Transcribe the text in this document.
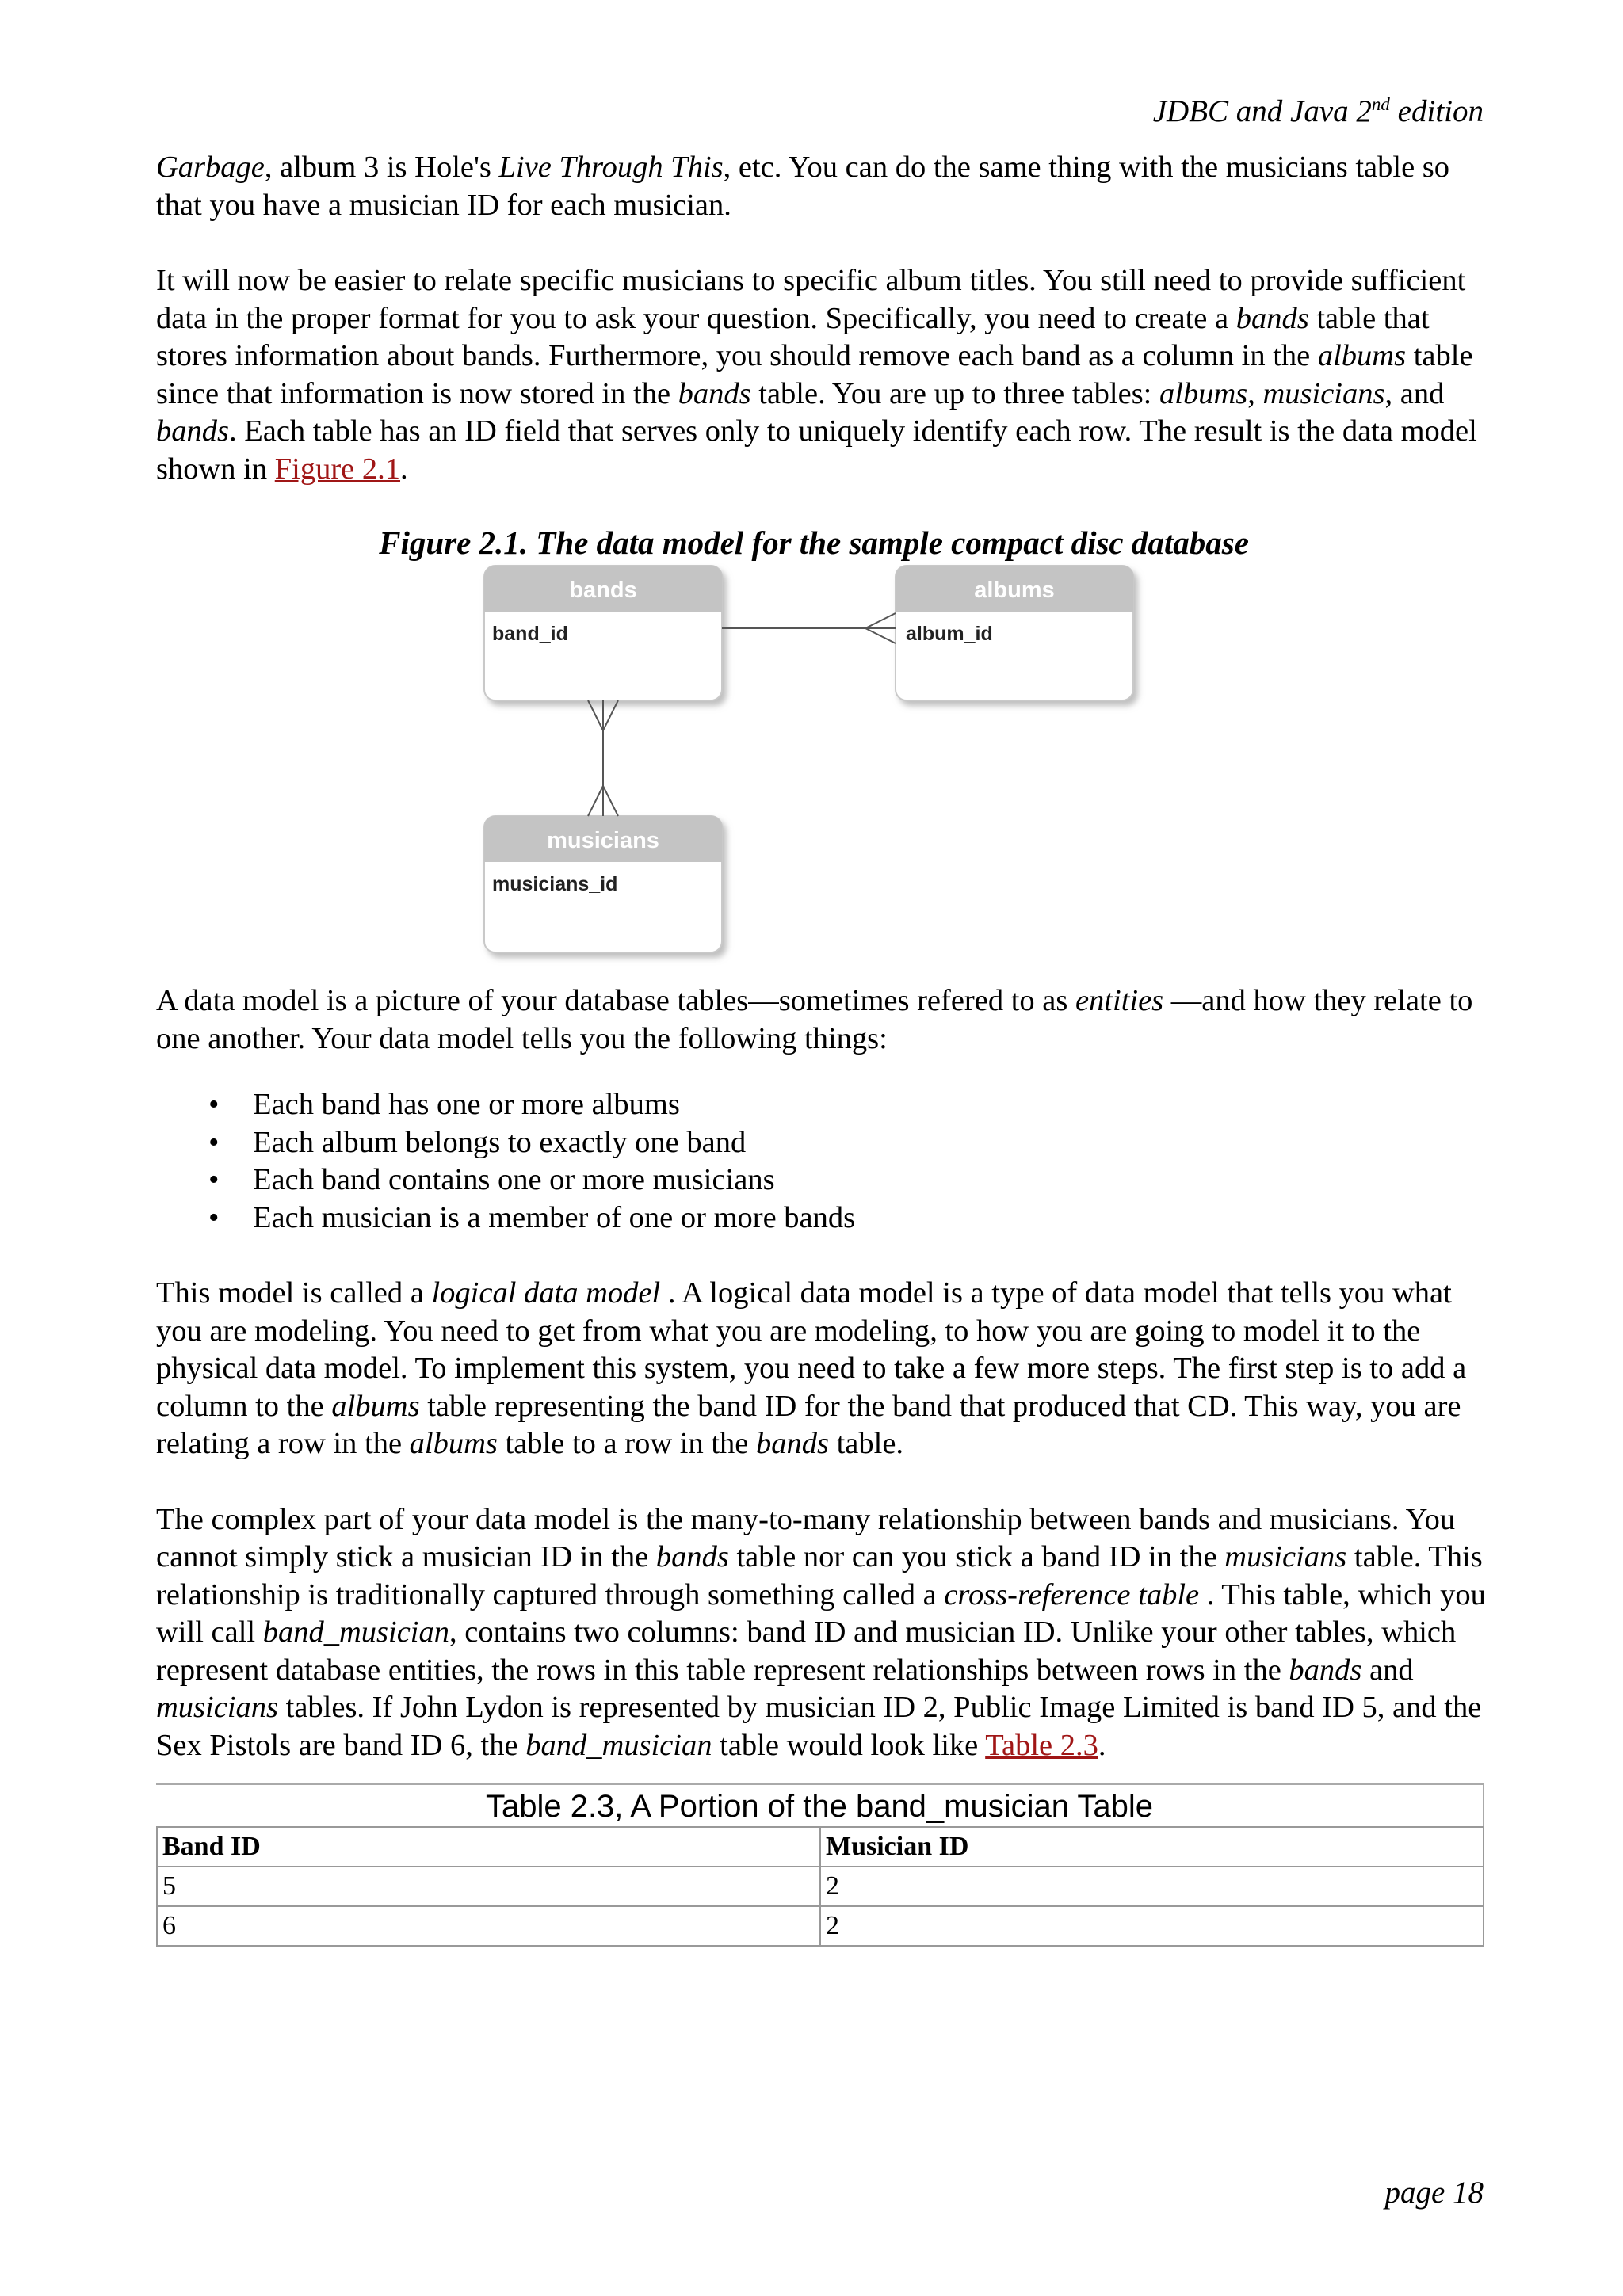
JDBC and Java 2nd edition

Garbage, album 3 is Hole's Live Through This, etc. You can do the same thing with the musicians table so that you have a musician ID for each musician.

It will now be easier to relate specific musicians to specific album titles. You still need to provide sufficient data in the proper format for you to ask your question. Specifically, you need to create a bands table that stores information about bands. Furthermore, you should remove each band as a column in the albums table since that information is now stored in the bands table. You are up to three tables: albums, musicians, and bands. Each table has an ID field that serves only to uniquely identify each row. The result is the data model shown in Figure 2.1.

Figure 2.1. The data model for the sample compact disc database
bands
band_id
albums
album_id
musicians
musicians_id

A data model is a picture of your database tables—sometimes refered to as entities —and how they relate to one another. Your data model tells you the following things:

• Each band has one or more albums
• Each album belongs to exactly one band
• Each band contains one or more musicians
• Each musician is a member of one or more bands

This model is called a logical data model . A logical data model is a type of data model that tells you what you are modeling. You need to get from what you are modeling, to how you are going to model it to the physical data model. To implement this system, you need to take a few more steps. The first step is to add a column to the albums table representing the band ID for the band that produced that CD. This way, you are relating a row in the albums table to a row in the bands table.

The complex part of your data model is the many-to-many relationship between bands and musicians. You cannot simply stick a musician ID in the bands table nor can you stick a band ID in the musicians table. This relationship is traditionally captured through something called a cross-reference table . This table, which you will call band_musician, contains two columns: band ID and musician ID. Unlike your other tables, which represent database entities, the rows in this table represent relationships between rows in the bands and musicians tables. If John Lydon is represented by musician ID 2, Public Image Limited is band ID 5, and the Sex Pistols are band ID 6, the band_musician table would look like Table 2.3.

Table 2.3, A Portion of the band_musician Table
Band ID	Musician ID
5	2
6	2
page 18
